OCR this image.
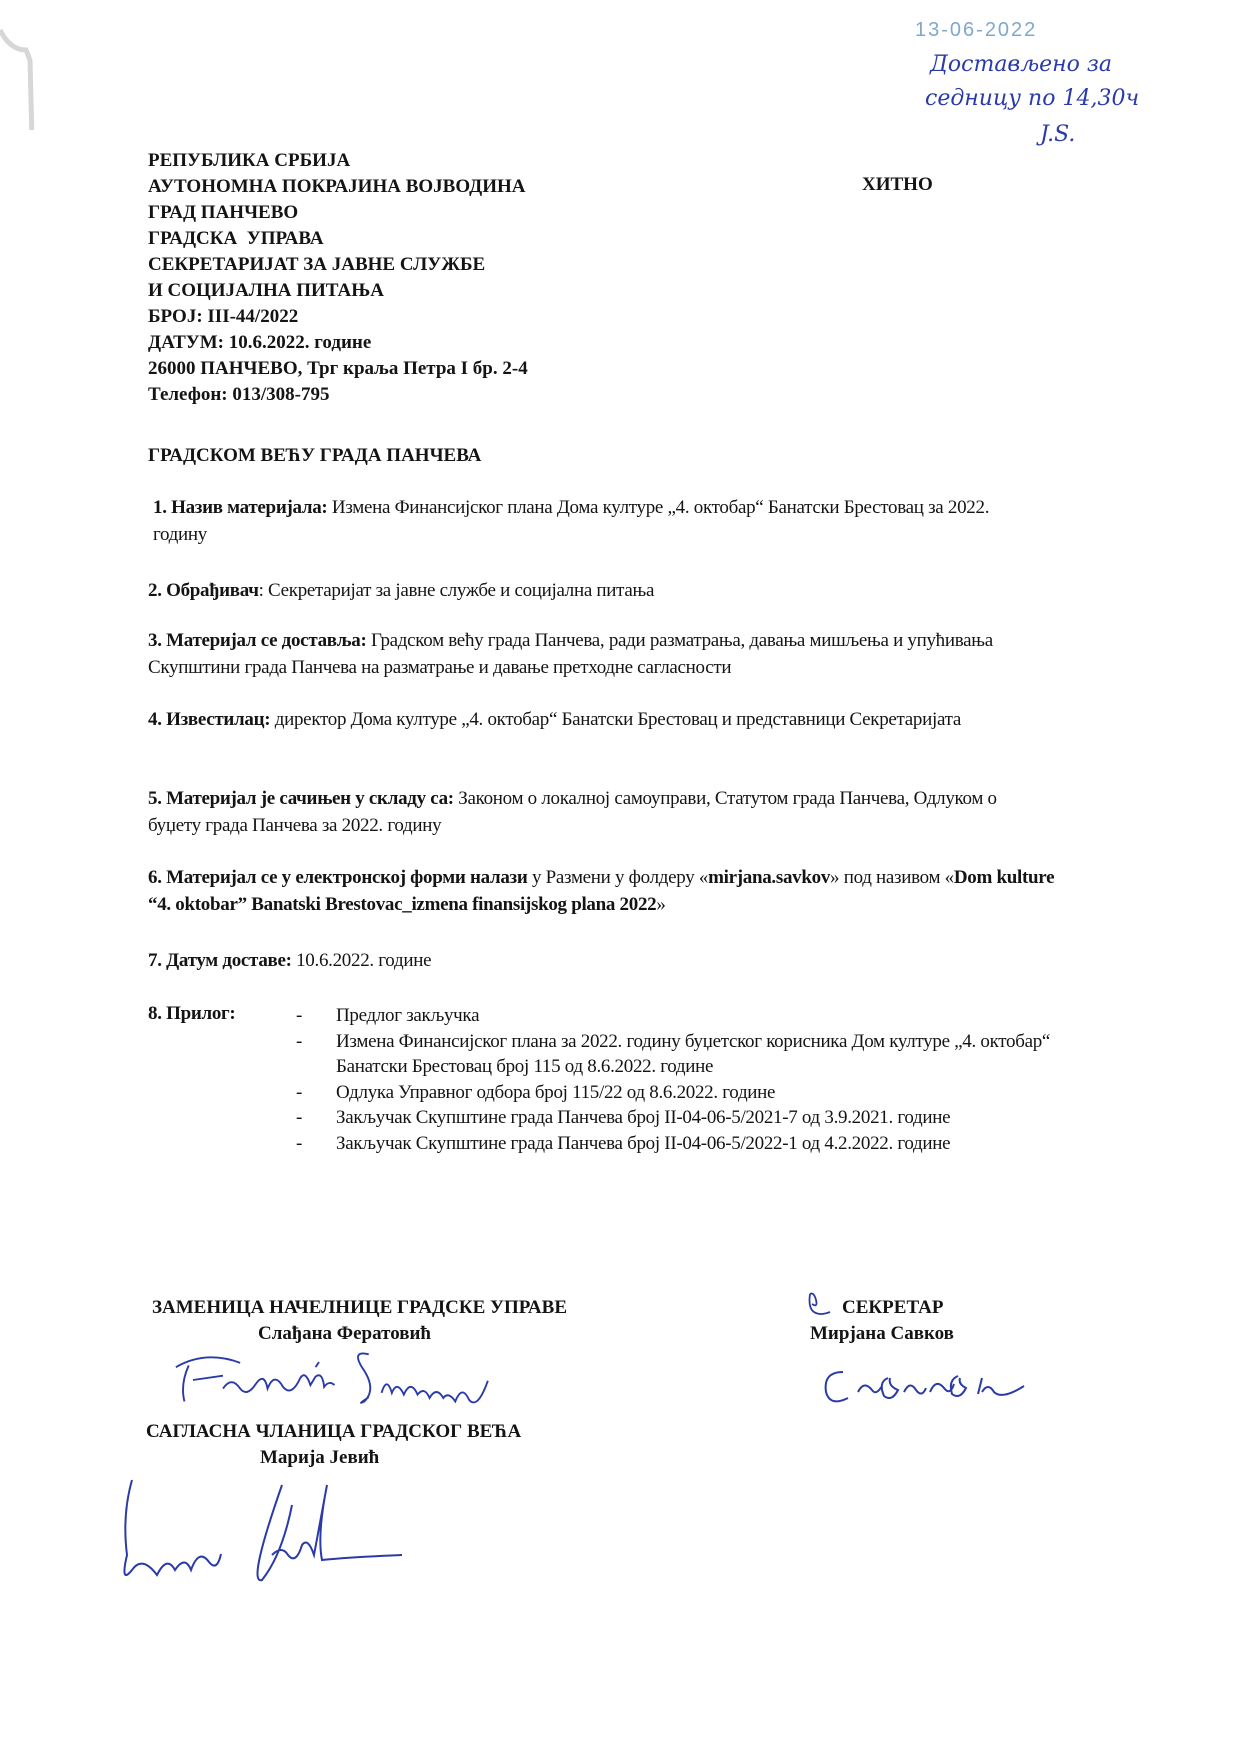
13-06-2022
Достављено за
седницу по 14,30ч
J.S.
РЕПУБЛИКА СРБИЈА
АУТОНОМНА ПОКРАЈИНА ВОЈВОДИНА
ГРАД ПАНЧЕВО
ГРАДСКА  УПРАВА
СЕКРЕТАРИЈАТ ЗА ЈАВНЕ СЛУЖБЕ
И СОЦИЈАЛНА ПИТАЊА
БРОЈ: III-44/2022
ДАТУМ: 10.6.2022. године
26000 ПАНЧЕВО, Трг краља Петра I бр. 2-4
Телефон: 013/308-795
ХИТНО
ГРАДСКОМ ВЕЋУ ГРАДА ПАНЧЕВА
1. Назив материјала: Измена Финансијског плана Дома културе „4. oктобар“ Банатски Брестовац за 2022. годину
2. Обрађивач: Секретаријат за јавне службе и социјална питања
3. Материјал се доставља: Градском већу града Панчева, ради разматрања, давања мишљења и упућивања Скупштини града Панчева на разматрање и давање претходне сагласности
4. Известилац: директор Дома културе „4. октобар“ Банатски Брестовац и представници Секретаријата
5. Материјал је сачињен у складу са: Законом о локалној самоуправи, Статутом града Панчева, Одлуком о буџету града Панчева за 2022. годину
6. Материјал се у електронској форми налази у Размени у фолдеру «mirjana.savkov» под називом «Dom kulture “4. oktobar” Banatski Brestovac_izmena finansijskog plana 2022»
7. Датум доставе: 10.6.2022. године
8. Прилог:	-	Предлог закључка
-	Измена Финансијског плана за 2022. годину буџетског корисника Дом културе „4. октобар“ Банатски Брестовац број 115 од 8.6.2022. године
-	Одлука Управног одбора број 115/22 од 8.6.2022. године
-	Закључак Скупштине града Панчева број II-04-06-5/2021-7 од 3.9.2021. године
-	Закључак Скупштине града Панчева број II-04-06-5/2022-1 од 4.2.2022. године
ЗАМЕНИЦА НАЧЕЛНИЦЕ ГРАДСКЕ УПРАВЕ
Слађана Фератовић
СЕКРЕТАР
Мирјана Савков
САГЛАСНА ЧЛАНИЦА ГРАДСКОГ ВЕЋА
Марија Јевић
